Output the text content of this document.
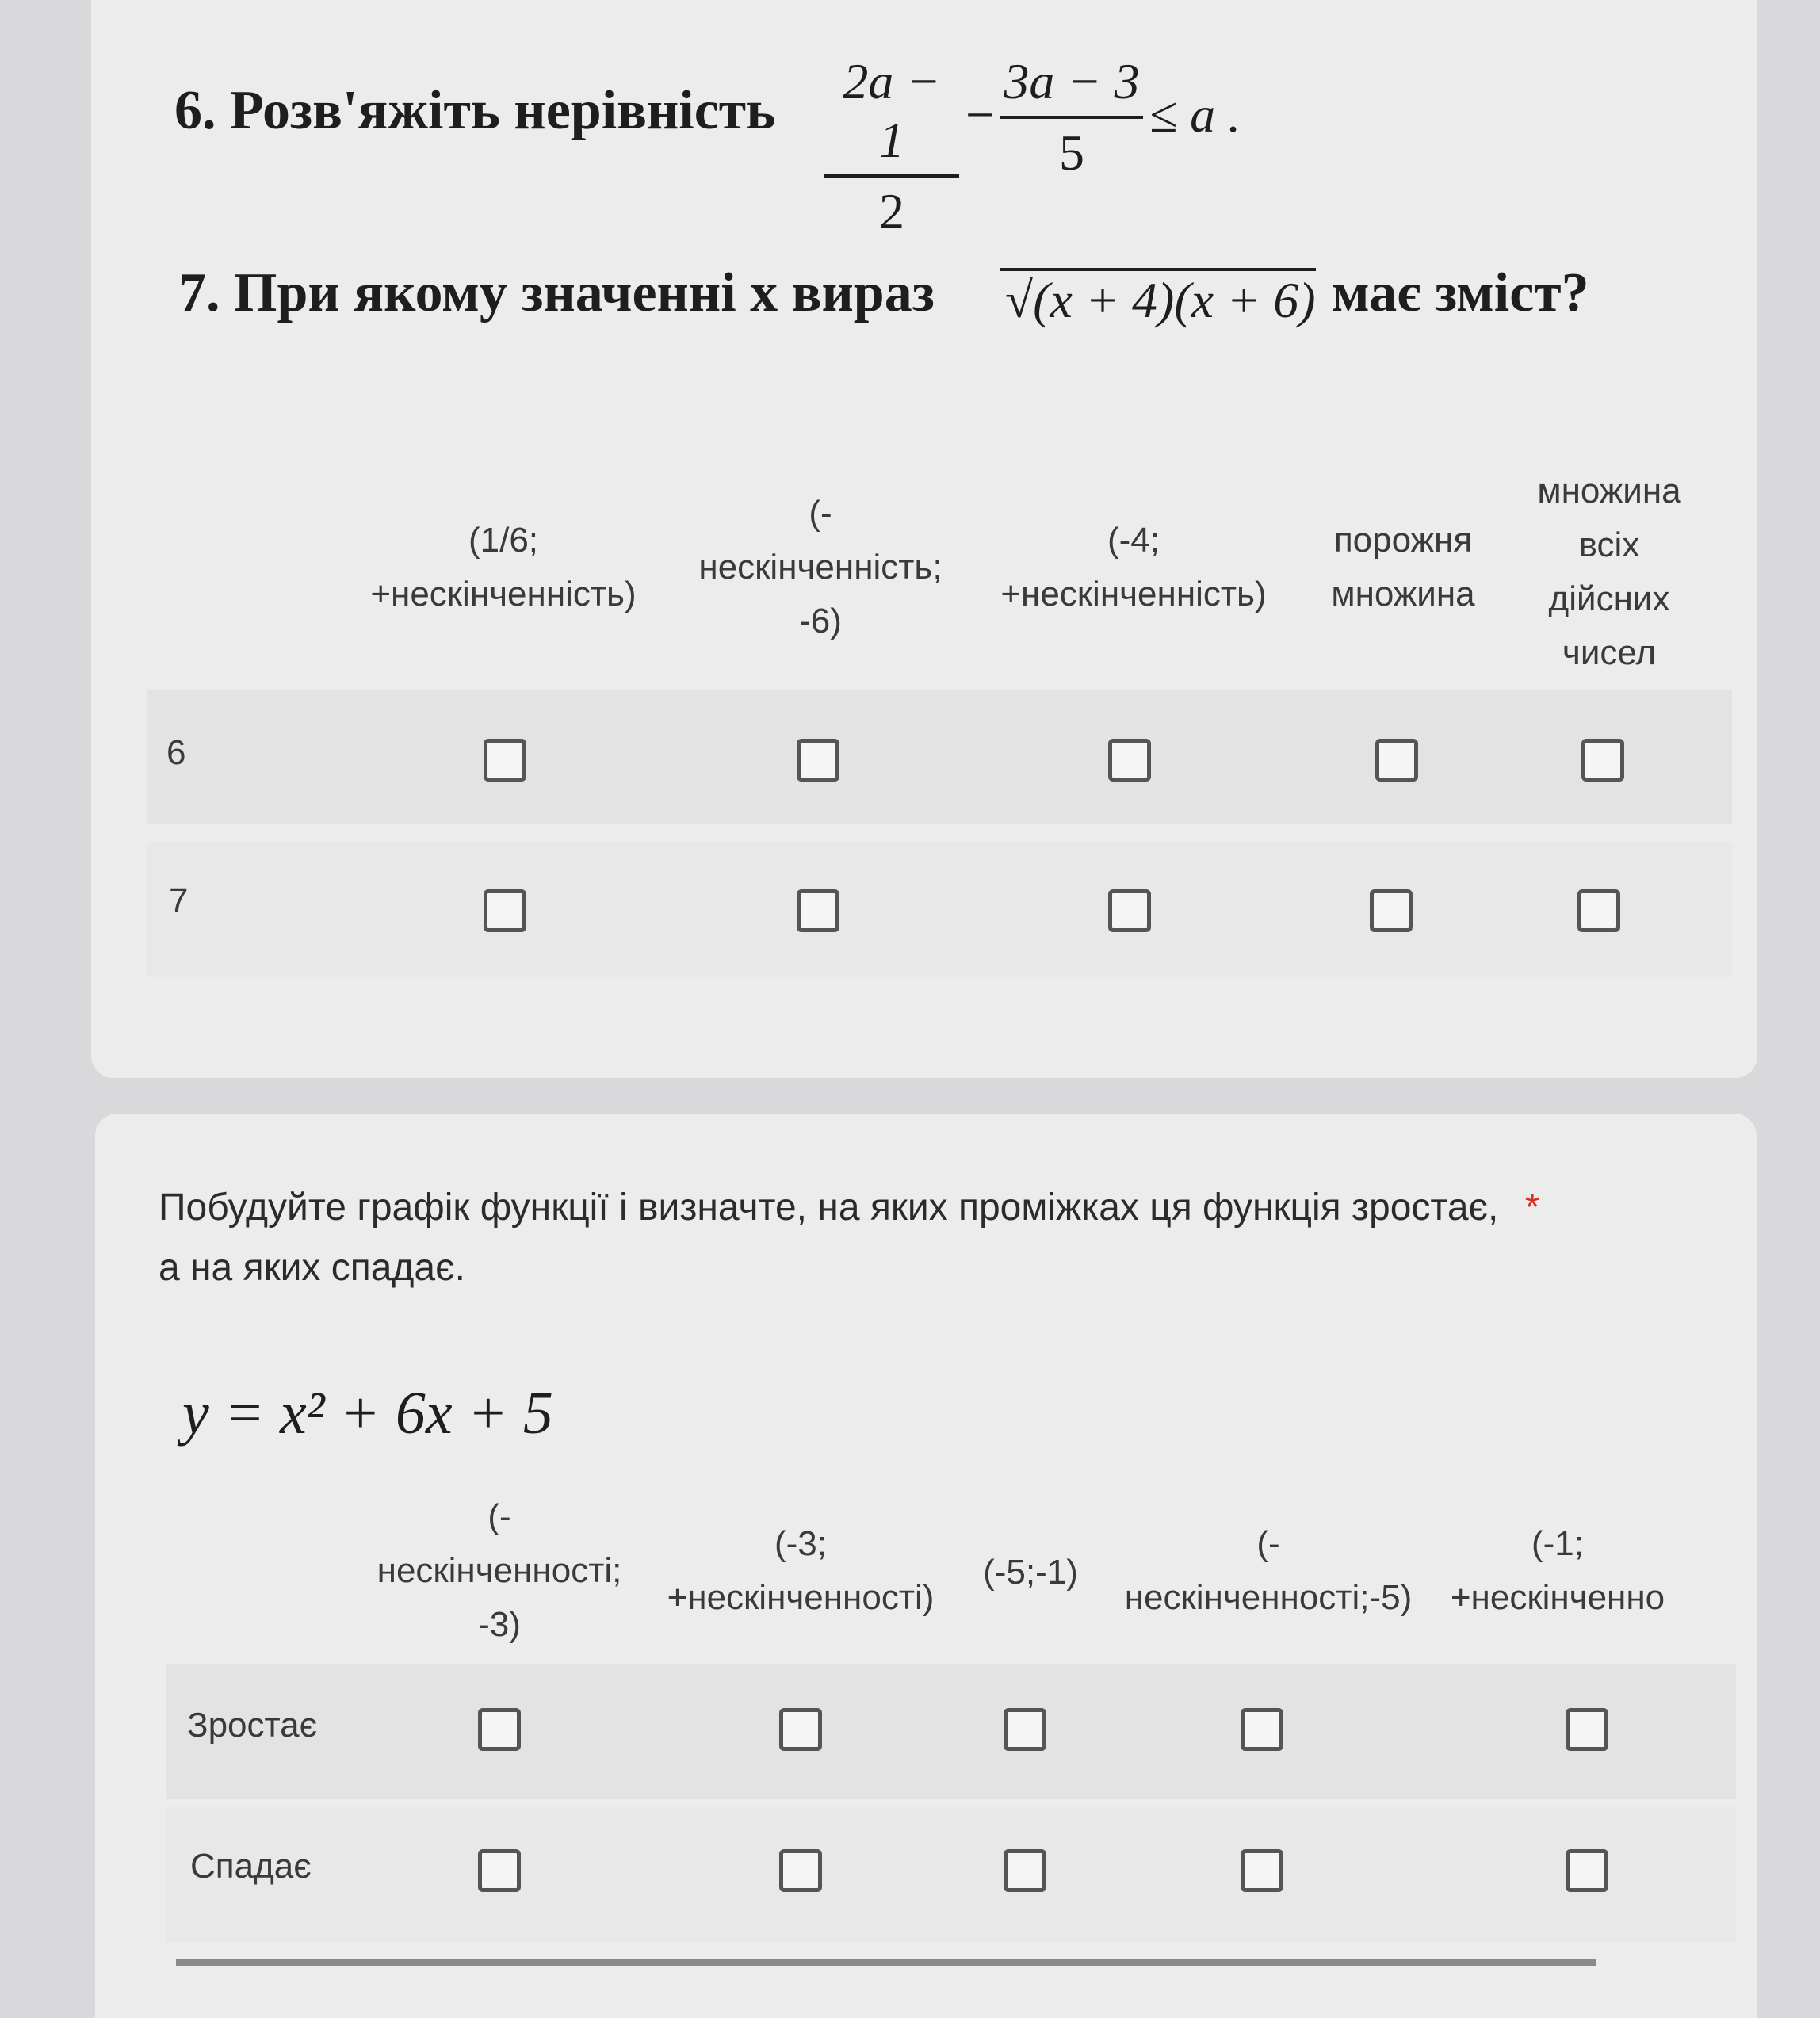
6. Розв'яжіть нерівність	2a − 1
2
−
3a − 3
5
≤ a .
7. При якому значенні х вираз √(x + 4)(x + 6) має зміст?
(1/6;
+нескінченність)
(-
нескінченність;
-6)
(-4;
+нескінченність)
порожня
множина
множина
всіх
дійсних
чисел
6
7
Побудуйте графік функції і визначте, на яких проміжках ця функція зростає, *
а на яких спадає.
y = x² + 6x + 5
(-
нескінченності;
-3)
(-3;
+нескінченності)
(-5;-1)
(-
нескінченності;-5)
(-1;
+нескінченно
Зростає
Спадає
